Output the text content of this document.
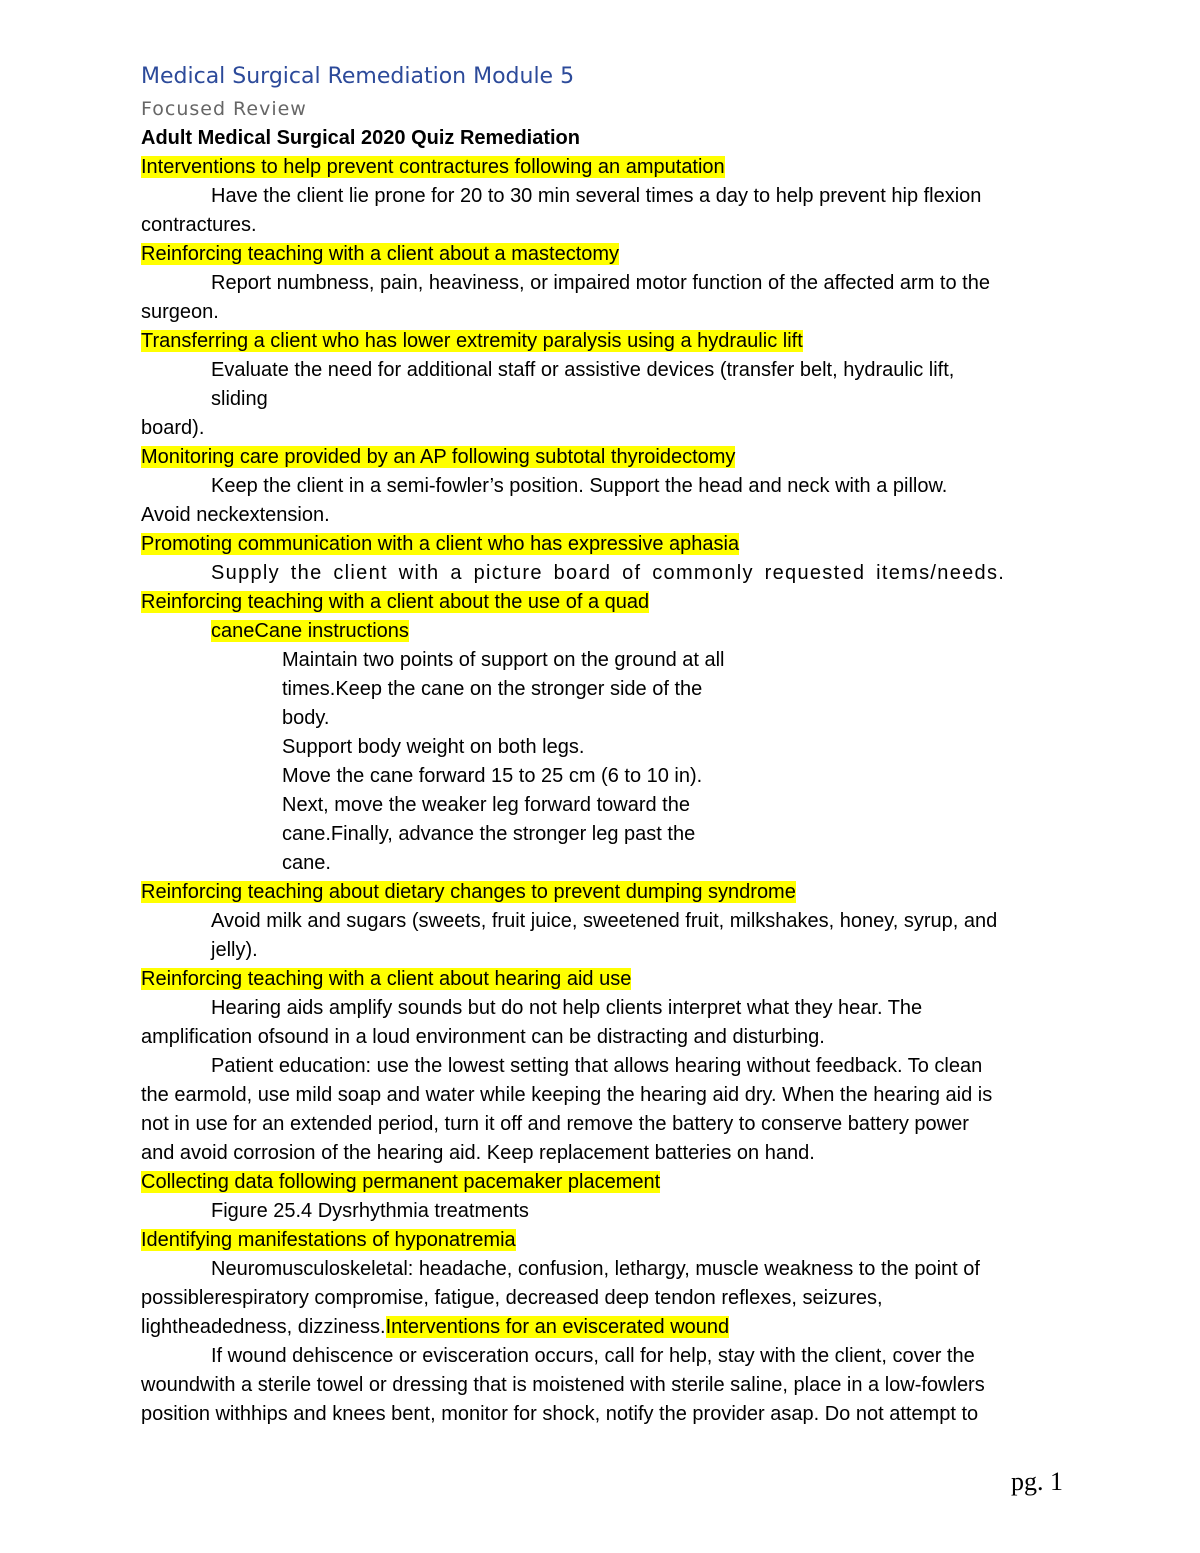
Medical Surgical Remediation Module 5

Focused Review

Adult Medical Surgical 2020 Quiz Remediation

Interventions to help prevent contractures following an amputation

Have the client lie prone for 20 to 30 min several times a day to help prevent hip flexion

contractures.

Reinforcing teaching with a client about a mastectomy

Report numbness, pain, heaviness, or impaired motor function of the affected arm to the

surgeon.

Transferring a client who has lower extremity paralysis using a hydraulic lift

Evaluate the need for additional staff or assistive devices (transfer belt, hydraulic lift,

sliding

board).

Monitoring care provided by an AP following subtotal thyroidectomy

Keep the client in a semi-fowler’s position. Support the head and neck with a pillow.

Avoid neckextension.

Promoting communication with a client who has expressive aphasia

Supply the client with a picture board of commonly requested items/needs.

Reinforcing teaching with a client about the use of a quad

caneCane instructions

Maintain two points of support on the ground at all

times.Keep the cane on the stronger side of the

body.

Support body weight on both legs.

Move the cane forward 15 to 25 cm (6 to 10 in).

Next, move the weaker leg forward toward the

cane.Finally, advance the stronger leg past the

cane.

Reinforcing teaching about dietary changes to prevent dumping syndrome

Avoid milk and sugars (sweets, fruit juice, sweetened fruit, milkshakes, honey, syrup, and

jelly).

Reinforcing teaching with a client about hearing aid use

Hearing aids amplify sounds but do not help clients interpret what they hear. The

amplification ofsound in a loud environment can be distracting and disturbing.

Patient education: use the lowest setting that allows hearing without feedback. To clean

the earmold, use mild soap and water while keeping the hearing aid dry. When the hearing aid is

not in use for an extended period, turn it off and remove the battery to conserve battery power

and avoid corrosion of the hearing aid. Keep replacement batteries on hand.

Collecting data following permanent pacemaker placement

Figure 25.4 Dysrhythmia treatments

Identifying manifestations of hyponatremia

Neuromusculoskeletal: headache, confusion, lethargy, muscle weakness to the point of

possiblerespiratory compromise, fatigue, decreased deep tendon reflexes, seizures,

lightheadedness, dizziness.Interventions for an eviscerated wound

If wound dehiscence or evisceration occurs, call for help, stay with the client, cover the

woundwith a sterile towel or dressing that is moistened with sterile saline, place in a low-fowlers

position withhips and knees bent, monitor for shock, notify the provider asap. Do not attempt to

pg. 1
